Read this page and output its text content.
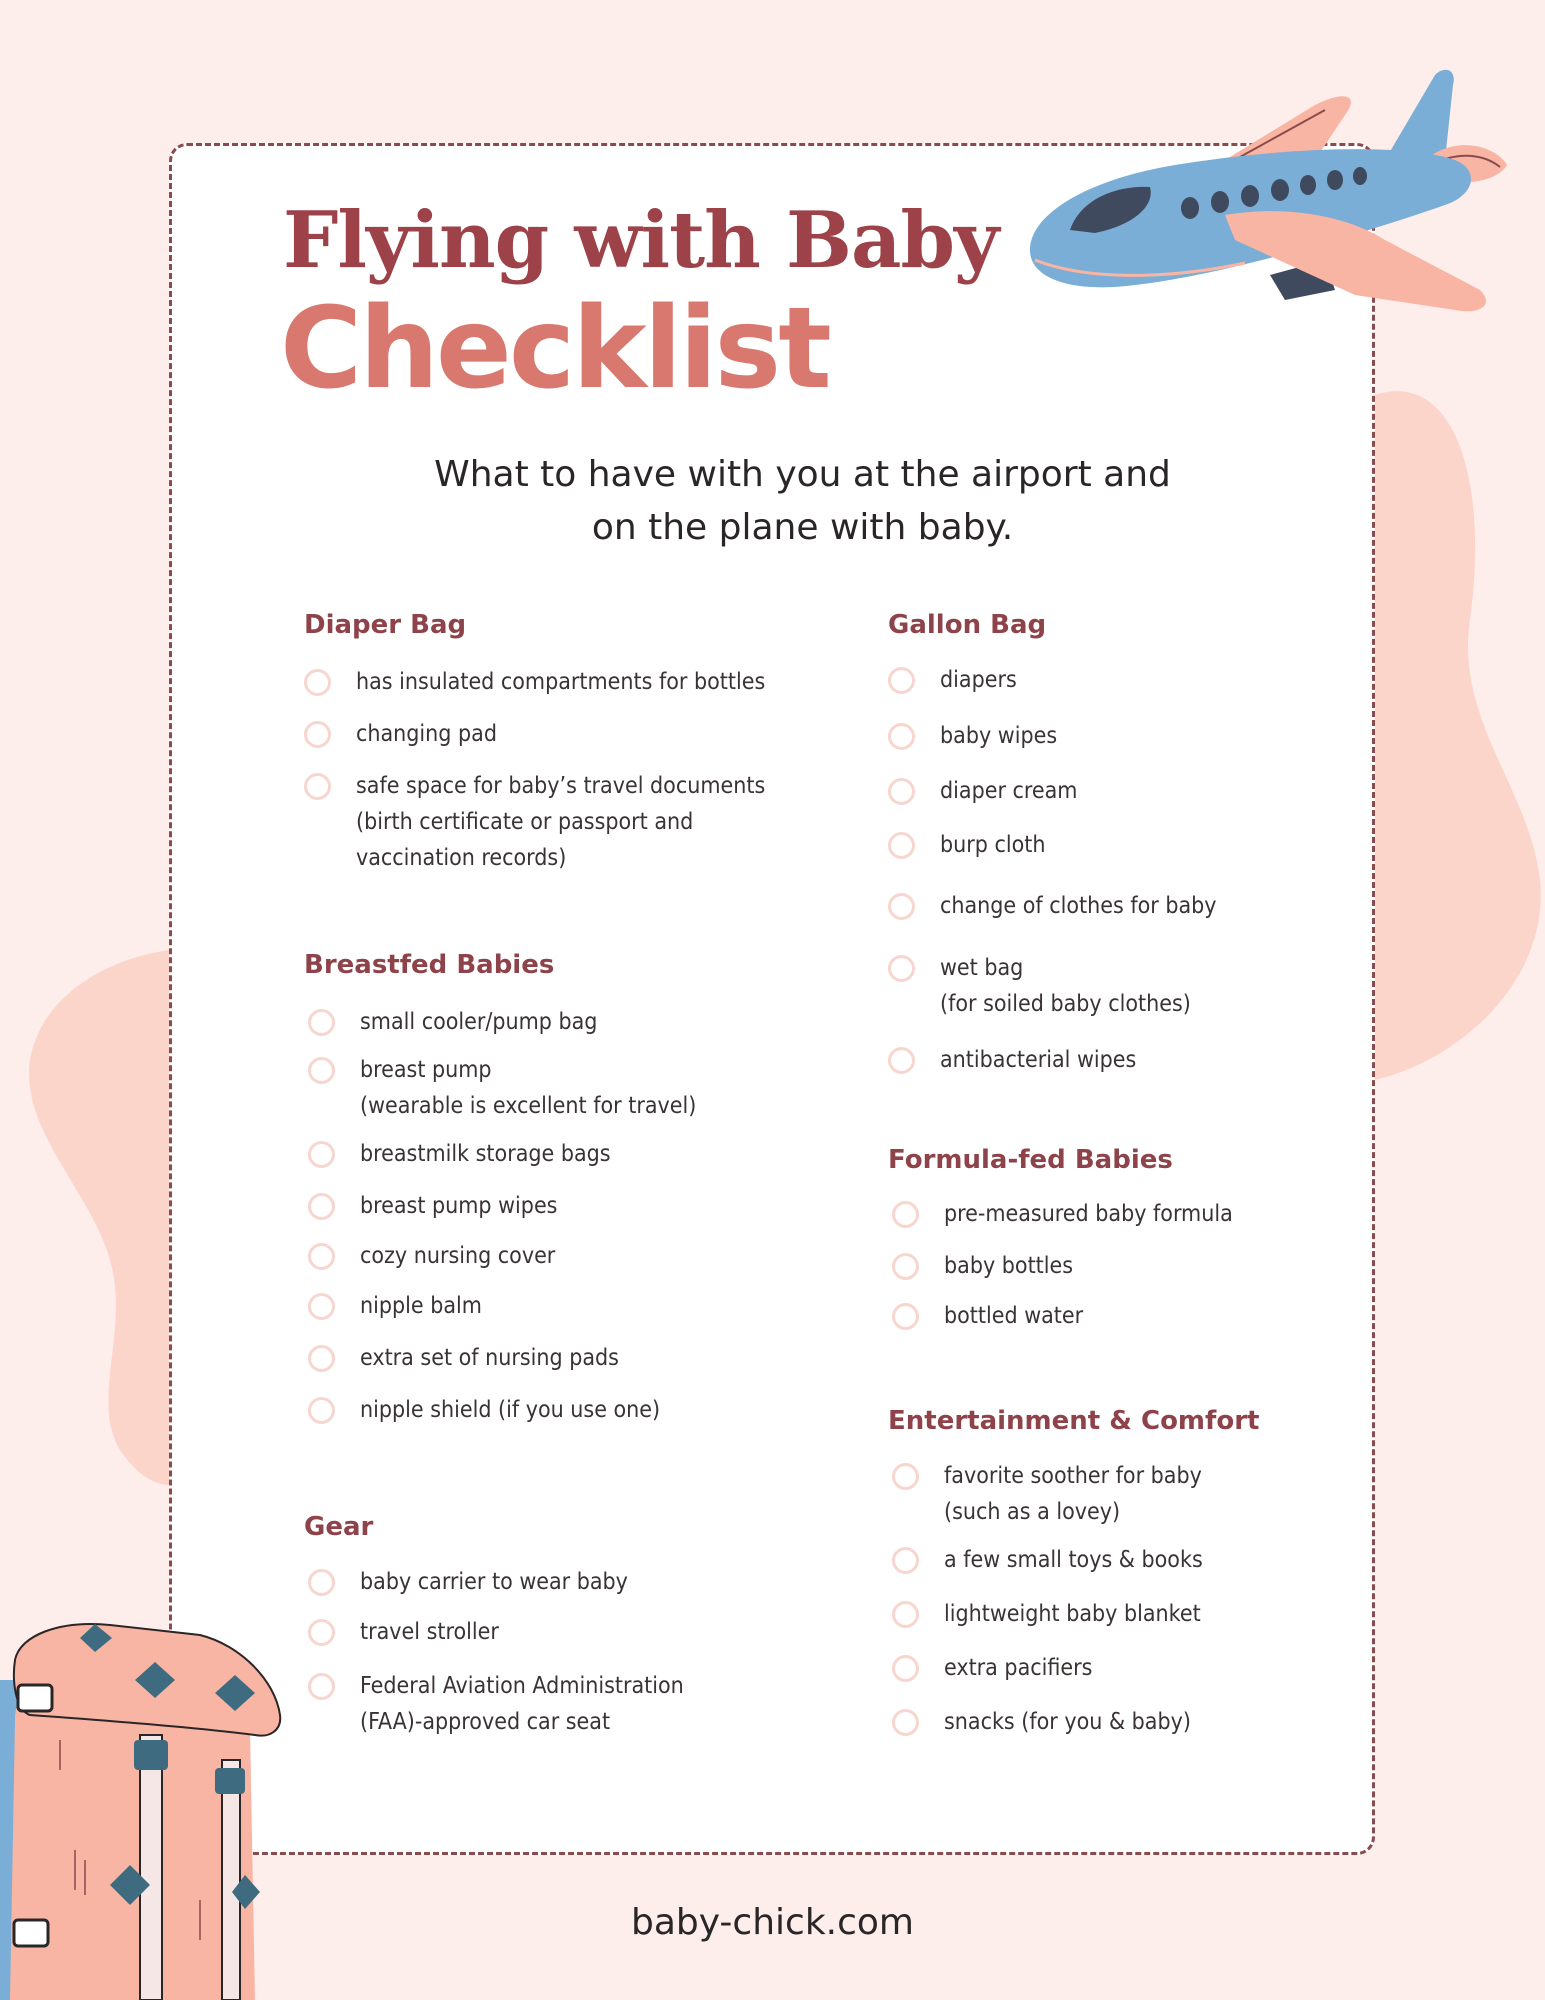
Flying with Baby
Checklist
What to have with you at the airport and
on the plane with baby.
Diaper Bag
has insulated compartments for bottles
changing pad
safe space for baby’s travel documents
(birth certificate or passport and
vaccination records)
Breastfed Babies
small cooler/pump bag
breast pump
(wearable is excellent for travel)
breastmilk storage bags
breast pump wipes
cozy nursing cover
nipple balm
extra set of nursing pads
nipple shield (if you use one)
Gear
baby carrier to wear baby
travel stroller
Federal Aviation Administration
(FAA)-approved car seat
Gallon Bag
diapers
baby wipes
diaper cream
burp cloth
change of clothes for baby
wet bag
(for soiled baby clothes)
antibacterial wipes
Formula-fed Babies
pre-measured baby formula
baby bottles
bottled water
Entertainment & Comfort
favorite soother for baby
(such as a lovey)
a few small toys & books
lightweight baby blanket
extra pacifiers
snacks (for you & baby)
baby-chick.com
